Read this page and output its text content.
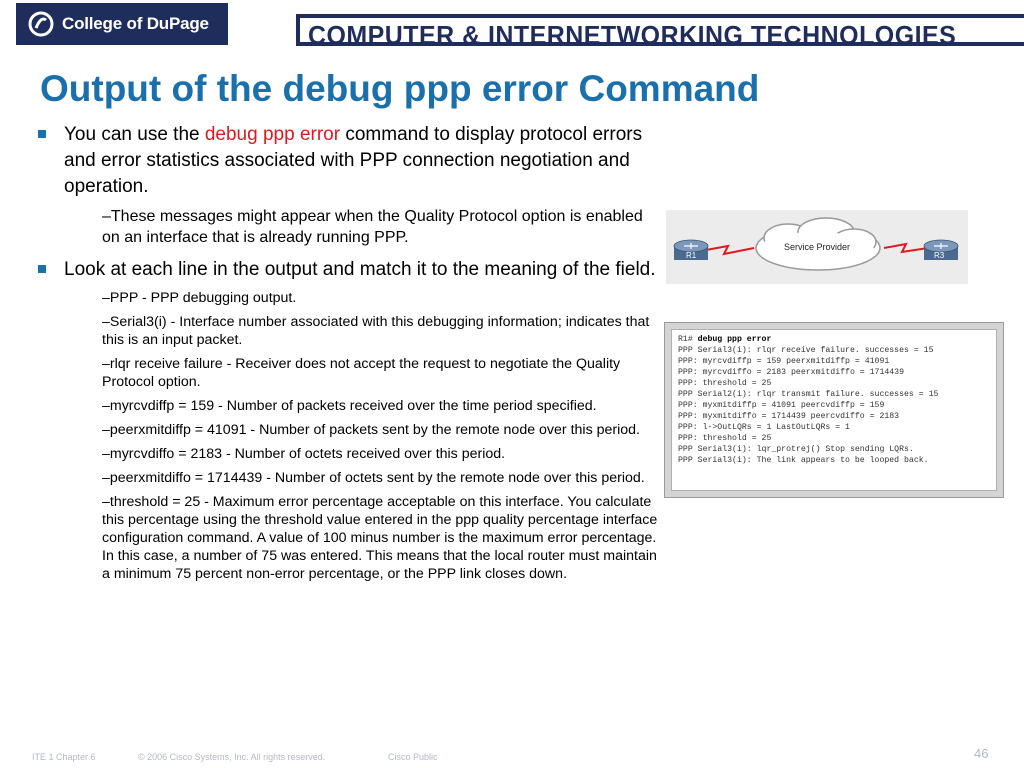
College of DuPage	COMPUTER & INTERNETWORKING TECHNOLOGIES
Output of the debug ppp error Command
You can use the debug ppp error command to display protocol errors and error statistics associated with PPP connection negotiation and operation.
–These messages might appear when the Quality Protocol option is enabled on an interface that is already running PPP.
Look at each line in the output and match it to the meaning of the field.
–PPP - PPP debugging output.
–Serial3(i) - Interface number associated with this debugging information; indicates that this is an input packet.
–rlqr receive failure - Receiver does not accept the request to negotiate the Quality Protocol option.
–myrcvdiffp = 159 - Number of packets received over the time period specified.
–peerxmitdiffp = 41091 - Number of packets sent by the remote node over this period.
–myrcvdiffo = 2183 - Number of octets received over this period.
–peerxmitdiffo = 1714439 - Number of octets sent by the remote node over this period.
–threshold = 25 - Maximum error percentage acceptable on this interface. You calculate this percentage using the threshold value entered in the ppp quality percentage interface configuration command. A value of 100 minus number is the maximum error percentage. In this case, a number of 75 was entered. This means that the local router must maintain a minimum 75 percent non-error percentage, or the PPP link closes down.
Service Provider
R1	R3
R1# debug ppp error
PPP Serial3(i): rlqr receive failure. successes = 15
PPP: myrcvdiffp = 159 peerxmitdiffp = 41091
PPP: myrcvdiffo = 2183 peerxmitdiffo = 1714439
PPP: threshold = 25
PPP Serial2(i): rlqr transmit failure. successes = 15
PPP: myxmitdiffp = 41091 peercvdiffp = 159
PPP: myxmitdiffo = 1714439 peercvdiffo = 2183
PPP: l->OutLQRs = 1 LastOutLQRs = 1
PPP: threshold = 25
PPP Serial3(i): lqr_protrej() Stop sending LQRs.
PPP Serial3(i): The link appears to be looped back.
ITE 1 Chapter 6	© 2006 Cisco Systems, Inc. All rights reserved.	Cisco Public	46
